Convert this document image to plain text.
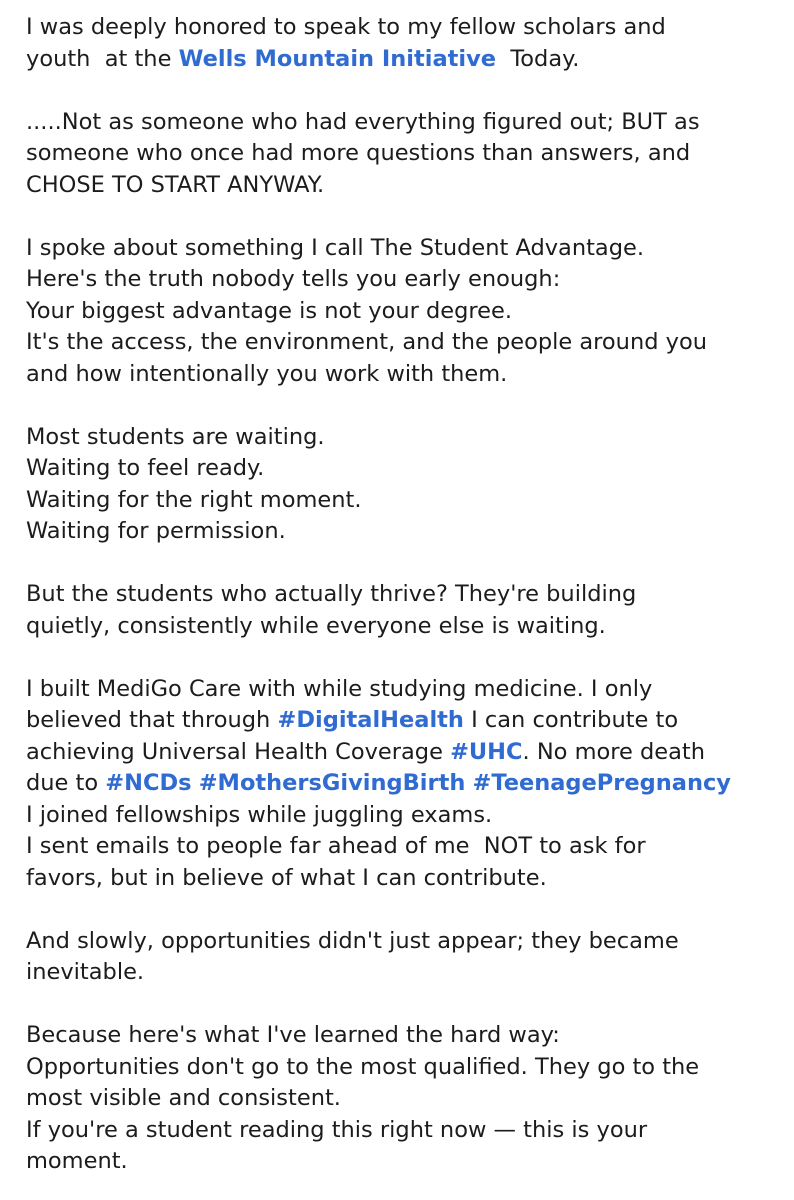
I was deeply honored to speak to my fellow scholars and
youth  at the Wells Mountain Initiative  Today.
.....Not as someone who had everything figured out; BUT as
someone who once had more questions than answers, and
CHOSE TO START ANYWAY.
I spoke about something I call The Student Advantage.
Here's the truth nobody tells you early enough:
Your biggest advantage is not your degree.
It's the access, the environment, and the people around you
and how intentionally you work with them.
Most students are waiting.
Waiting to feel ready.
Waiting for the right moment.
Waiting for permission.
But the students who actually thrive? They're building
quietly, consistently while everyone else is waiting.
I built MediGo Care with while studying medicine. I only
believed that through #DigitalHealth I can contribute to
achieving Universal Health Coverage #UHC. No more death
due to #NCDs #MothersGivingBirth #TeenagePregnancy
I joined fellowships while juggling exams.
I sent emails to people far ahead of me  NOT to ask for
favors, but in believe of what I can contribute.
And slowly, opportunities didn't just appear; they became
inevitable.
Because here's what I've learned the hard way:
Opportunities don't go to the most qualified. They go to the
most visible and consistent.
If you're a student reading this right now — this is your
moment.
